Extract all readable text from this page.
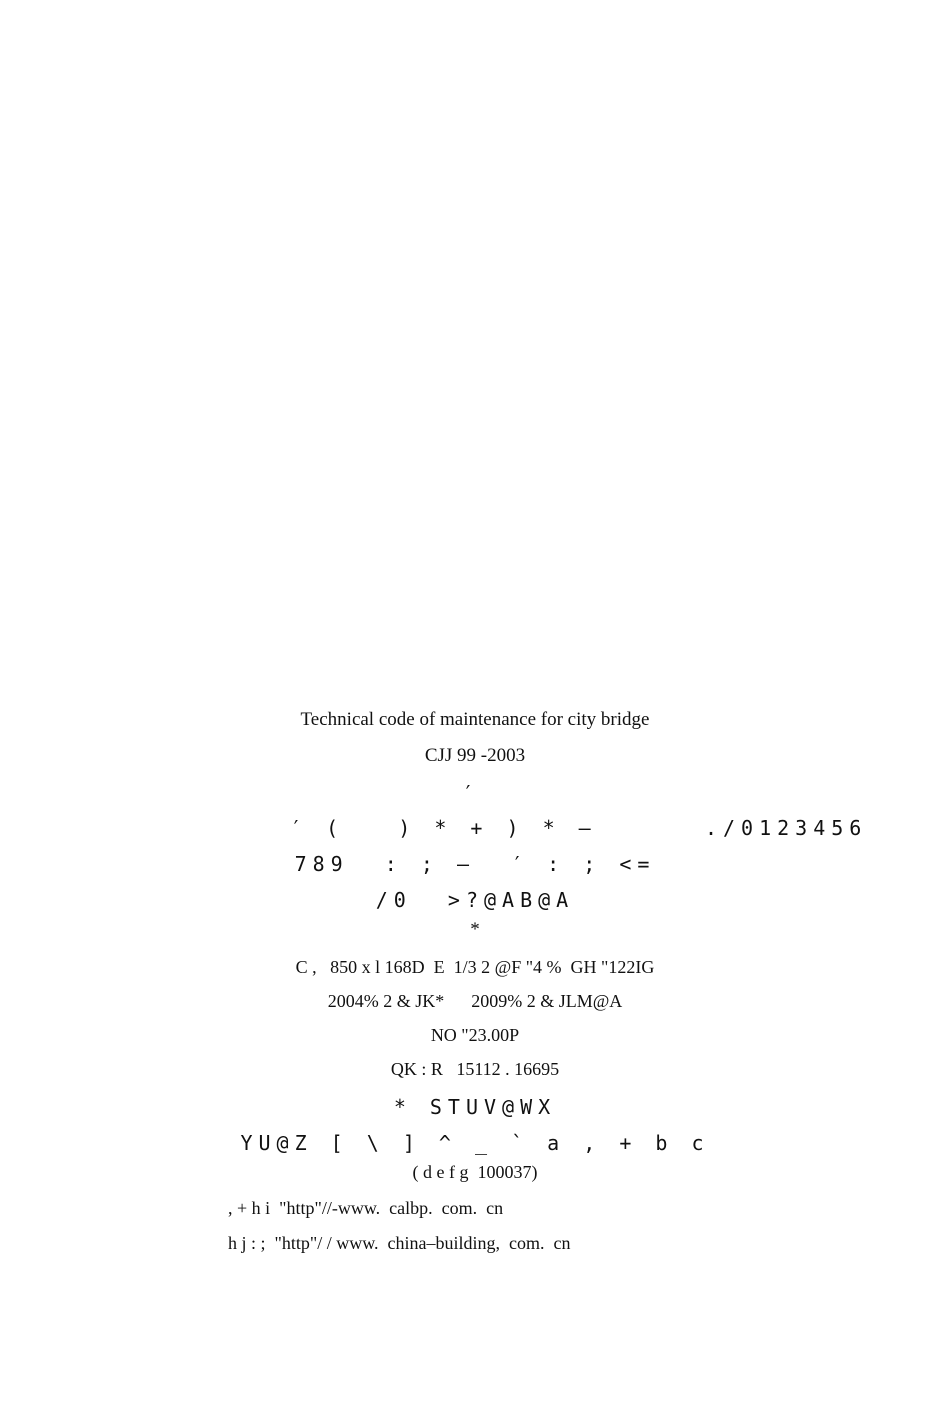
Technical code of maintenance for city bridge
CJJ 99 -2003
′
′ (   ) * + ) * —      ./0123456
789  : ; —  ′ : ; <=
/0  >?@AB@A
*
C ,   850 x l 168D  E  1/3 2 @F "4 %  GH "122IG
2004% 2 & JK*      2009% 2 & JLM@A
NO "23.00P
QK : R   15112 . 16695
* STUV@WX
YU@Z [ \ ] ^ _ ` a , + b c
( d e f g  100037)
, + h i  "http"//-www.  calbp.  com.  cn
h j : ;  "http"/ / www.  china–building,  com.  cn
